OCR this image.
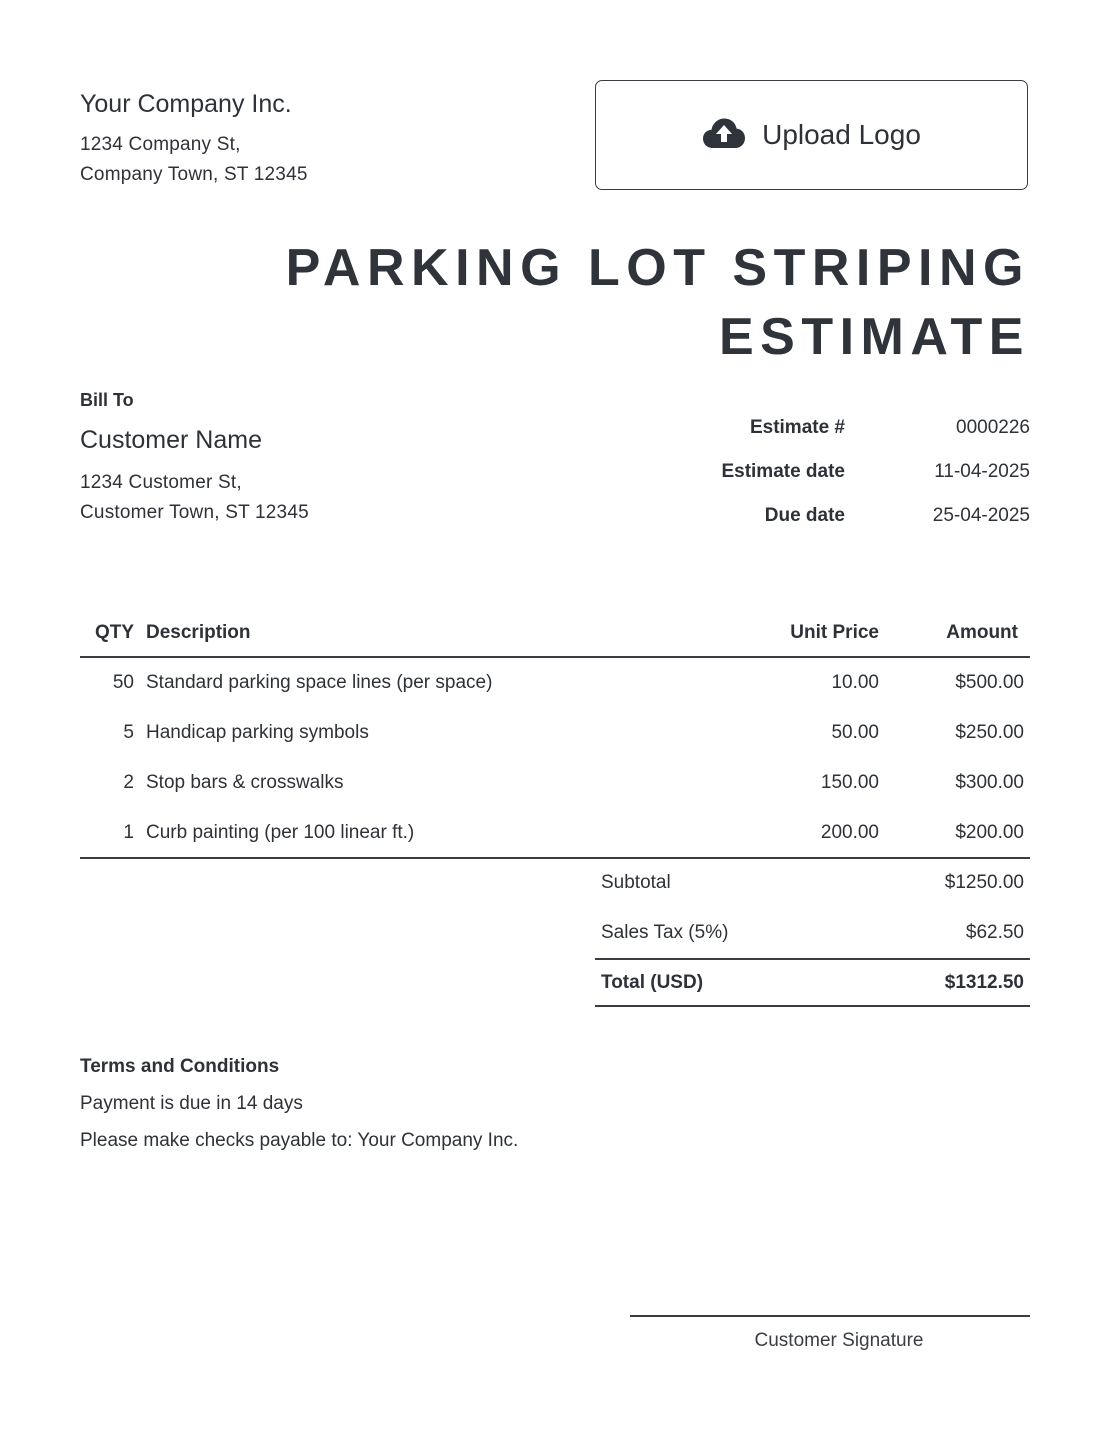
Your Company Inc.
1234 Company St,
Company Town, ST 12345
Upload Logo
PARKING LOT STRIPING
ESTIMATE
Bill To
Customer Name
1234 Customer St,
Customer Town, ST 12345
Estimate #	0000226
Estimate date	11-04-2025
Due date	25-04-2025
QTY Description	Unit Price	Amount
50 Standard parking space lines (per space)	10.00	$500.00
5 Handicap parking symbols	50.00	$250.00
2 Stop bars & crosswalks	150.00	$300.00
1 Curb painting (per 100 linear ft.)	200.00	$200.00
Subtotal	$1250.00
Sales Tax (5%)	$62.50
Total (USD)	$1312.50
Terms and Conditions
Payment is due in 14 days
Please make checks payable to: Your Company Inc.
Customer Signature
